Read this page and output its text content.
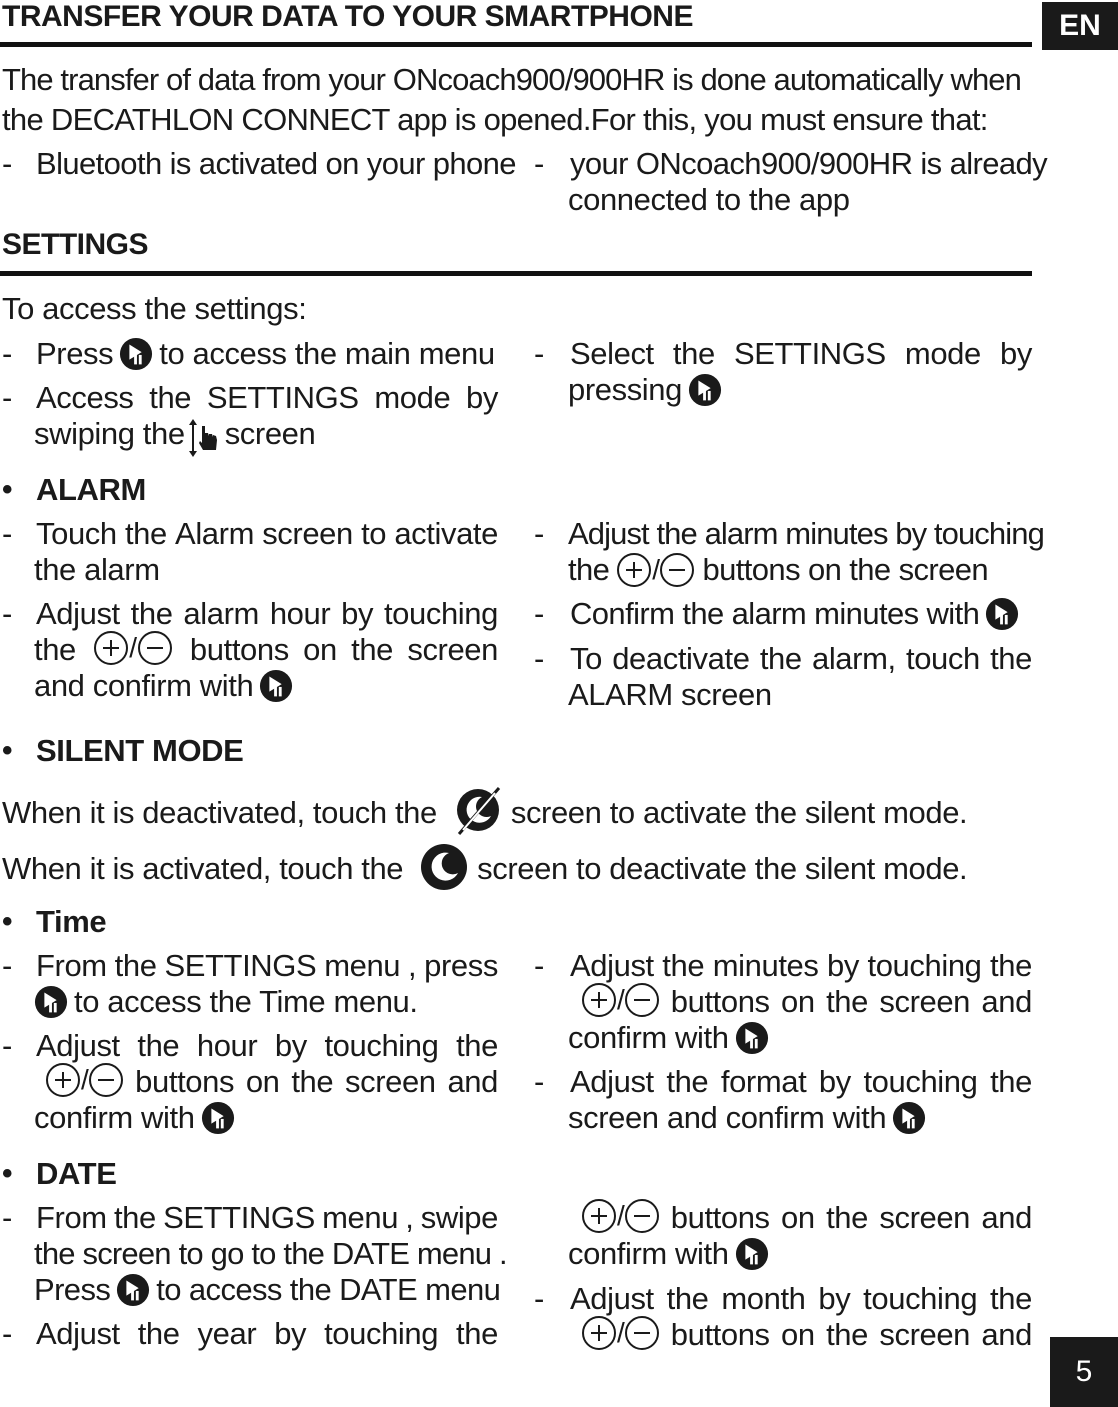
TRANSFER YOUR DATA TO YOUR SMARTPHONE	EN
The transfer of data from your ONcoach900/900HR is done automatically when
the DECATHLON CONNECT app is opened.For this, you must ensure that:
- Bluetooth is activated on your phone - your ONcoach900/900HR is already
connected to the app
SETTINGS
To access the settings:
- Press to access the main menu
- Access the SETTINGS mode by
swiping the screen
- Select the SETTINGS mode by
pressing
• ALARM
- Touch the Alarm screen to activate
the alarm
- Adjust the alarm hour by touching
the / buttons on the screen
and confirm with
- Adjust the alarm minutes by touching
the / buttons on the screen
- Confirm the alarm minutes with
- To deactivate the alarm, touch the
ALARM screen
• SILENT MODE
When it is deactivated, touch the screen to activate the silent mode.
When it is activated, touch the screen to deactivate the silent mode.
• Time
- From the SETTINGS menu , press
to access the Time menu.
- Adjust the hour by touching the
/ buttons on the screen and
confirm with
- Adjust the minutes by touching the
/ buttons on the screen and
confirm with
- Adjust the format by touching the
screen and confirm with
• DATE
- From the SETTINGS menu , swipe
the screen to go to the DATE menu .
Press to access the DATE menu
- Adjust the year by touching the
/ buttons on the screen and
confirm with
- Adjust the month by touching the
/ buttons on the screen and
5
